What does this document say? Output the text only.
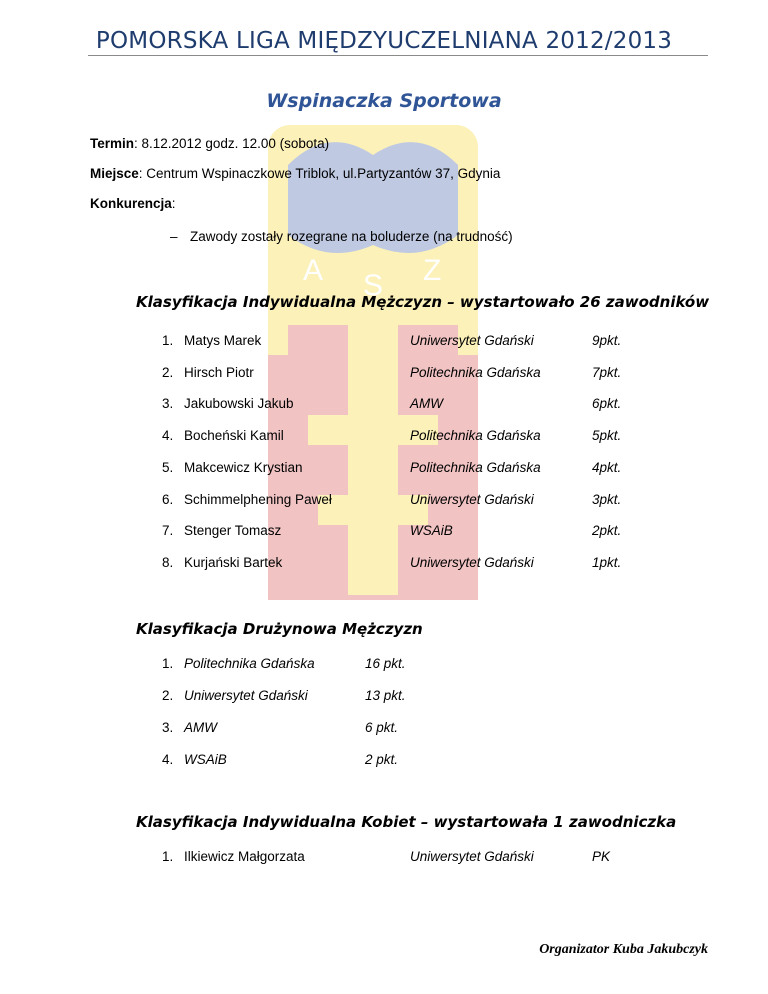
A S Z
POMORSKA LIGA MIĘDZYUCZELNIANA 2012/2013
Wspinaczka Sportowa
Termin: 8.12.2012 godz. 12.00 (sobota)
Miejsce: Centrum Wspinaczkowe Triblok, ul.Partyzantów 37, Gdynia
Konkurencja:
– Zawody zostały rozegrane na boluderze (na trudność)
Klasyfikacja Indywidualna Mężczyzn – wystartowało 26 zawodników
1. Matys Marek	Uniwersytet Gdański	9pkt.
2. Hirsch Piotr	Politechnika Gdańska	7pkt.
3. Jakubowski Jakub	AMW	6pkt.
4. Bocheński Kamil	Politechnika Gdańska	5pkt.
5. Makcewicz Krystian	Politechnika Gdańska	4pkt.
6. Schimmelphening Paweł	Uniwersytet Gdański	3pkt.
7. Stenger Tomasz	WSAiB	2pkt.
8. Kurjański Bartek	Uniwersytet Gdański	1pkt.
Klasyfikacja Drużynowa Mężczyzn
1. Politechnika Gdańska	16 pkt.
2. Uniwersytet Gdański	13 pkt.
3. AMW	6 pkt.
4. WSAiB	2 pkt.
Klasyfikacja Indywidualna Kobiet – wystartowała 1 zawodniczka
1. Ilkiewicz Małgorzata	Uniwersytet Gdański	PK
Organizator Kuba Jakubczyk
